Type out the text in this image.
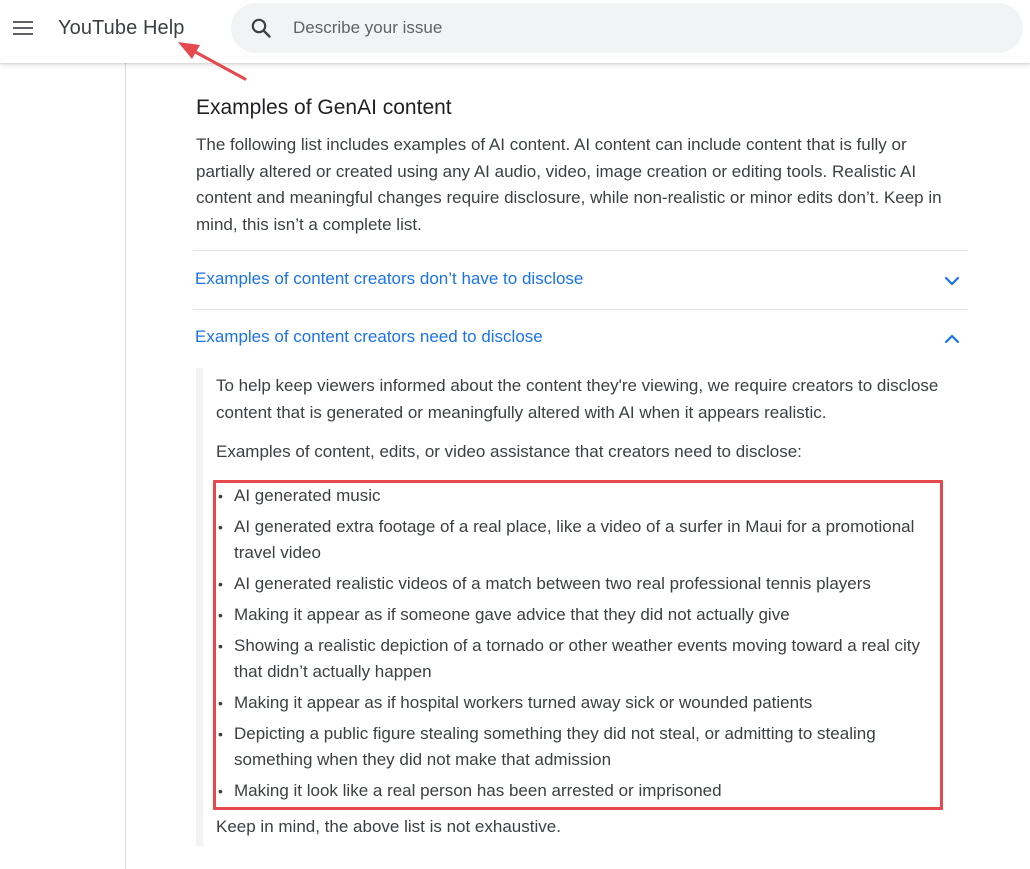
YouTube Help
Describe your issue
Examples of GenAI content

The following list includes examples of AI content. AI content can include content that is fully or partially altered or created using any AI audio, video, image creation or editing tools. Realistic AI content and meaningful changes require disclosure, while non-realistic or minor edits don’t. Keep in mind, this isn’t a complete list.

Examples of content creators don’t have to disclose
Examples of content creators need to disclose

To help keep viewers informed about the content they're viewing, we require creators to disclose content that is generated or meaningfully altered with AI when it appears realistic.

Examples of content, edits, or video assistance that creators need to disclose:

• AI generated music
• AI generated extra footage of a real place, like a video of a surfer in Maui for a promotional travel video
• AI generated realistic videos of a match between two real professional tennis players
• Making it appear as if someone gave advice that they did not actually give
• Showing a realistic depiction of a tornado or other weather events moving toward a real city that didn’t actually happen
• Making it appear as if hospital workers turned away sick or wounded patients
• Depicting a public figure stealing something they did not steal, or admitting to stealing something when they did not make that admission
• Making it look like a real person has been arrested or imprisoned

Keep in mind, the above list is not exhaustive.
